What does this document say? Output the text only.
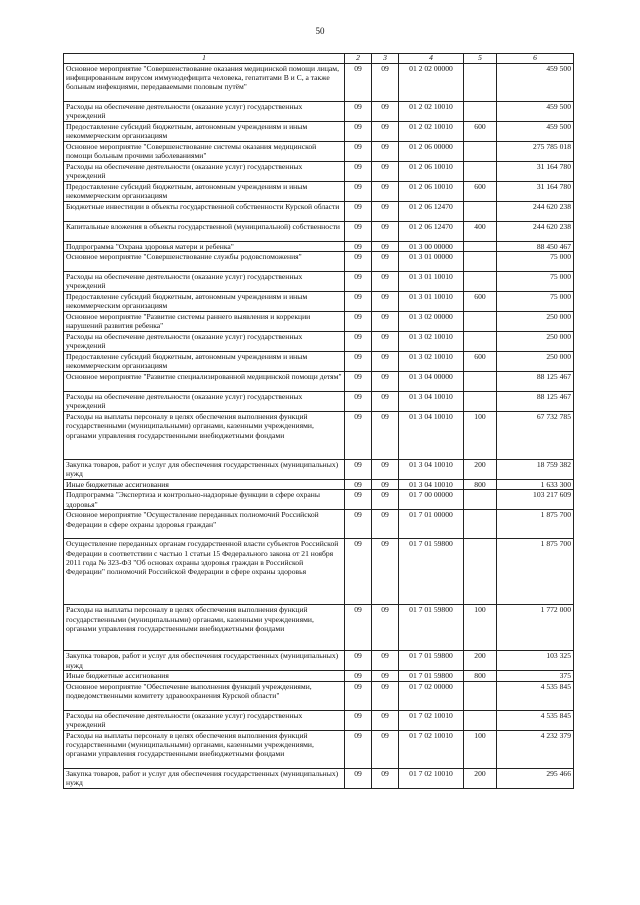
50
1	2	3	4	5	6
Основное мероприятие "Совершенствование оказания медицинской помощи лицам, инфицированным вирусом иммунодефицита человека, гепатитами В и С, а также больным инфекциями, передаваемыми половым путём"	09	09	01 2 02 00000		459 500
Расходы на обеспечение деятельности (оказание услуг) государственных учреждений	09	09	01 2 02 10010		459 500
Предоставление субсидий бюджетным, автономным учреждениям и иным некоммерческим организациям	09	09	01 2 02 10010	600	459 500
Основное мероприятие "Совершенствование системы оказания медицинской помощи больным прочими заболеваниями"	09	09	01 2 06 00000		275 785 018
Расходы на обеспечение деятельности (оказание услуг) государственных учреждений	09	09	01 2 06 10010		31 164 780
Предоставление субсидий бюджетным, автономным учреждениям и иным некоммерческим организациям	09	09	01 2 06 10010	600	31 164 780
Бюджетные инвестиции в объекты государственной собственности Курской области	09	09	01 2 06 12470		244 620 238
Капитальные вложения в объекты государственной (муниципальной) собственности	09	09	01 2 06 12470	400	244 620 238
Подпрограмма "Охрана здоровья матери и ребенка"	09	09	01 3 00 00000		88 450 467
Основное мероприятие "Совершенствование службы родовспоможения"	09	09	01 3 01 00000		75 000
Расходы на обеспечение деятельности (оказание услуг) государственных учреждений	09	09	01 3 01 10010		75 000
Предоставление субсидий бюджетным, автономным учреждениям и иным некоммерческим организациям	09	09	01 3 01 10010	600	75 000
Основное мероприятие "Развитие системы раннего выявления и коррекции нарушений развития ребенка"	09	09	01 3 02 00000		250 000
Расходы на обеспечение деятельности (оказание услуг) государственных учреждений	09	09	01 3 02 10010		250 000
Предоставление субсидий бюджетным, автономным учреждениям и иным некоммерческим организациям	09	09	01 3 02 10010	600	250 000
Основное мероприятие "Развитие специализированной медицинской помощи детям"	09	09	01 3 04 00000		88 125 467
Расходы на обеспечение деятельности (оказание услуг) государственных учреждений	09	09	01 3 04 10010		88 125 467
Расходы на выплаты персоналу в целях обеспечения выполнения функций государственными (муниципальными) органами, казенными учреждениями, органами управления государственными внебюджетными фондами	09	09	01 3 04 10010	100	67 732 785
Закупка товаров, работ и услуг для обеспечения государственных (муниципальных) нужд	09	09	01 3 04 10010	200	18 759 382
Иные бюджетные ассигнования	09	09	01 3 04 10010	800	1 633 300
Подпрограмма "Экспертиза и контрольно-надзорные функции в сфере охраны здоровья"	09	09	01 7 00 00000		103 217 609
Основное мероприятие "Осуществление переданных полномочий Российской Федерации в сфере охраны здоровья граждан"	09	09	01 7 01 00000		1 875 700
Осуществление переданных органам государственной власти субъектов Российской Федерации в соответствии с частью 1 статьи 15 Федерального закона от 21 ноября 2011 года № 323-ФЗ "Об основах охраны здоровья граждан в Российской Федерации" полномочий Российской Федерации в сфере охраны здоровья	09	09	01 7 01 59800		1 875 700
Расходы на выплаты персоналу в целях обеспечения выполнения функций государственными (муниципальными) органами, казенными учреждениями, органами управления государственными внебюджетными фондами	09	09	01 7 01 59800	100	1 772 000
Закупка товаров, работ и услуг для обеспечения государственных (муниципальных) нужд	09	09	01 7 01 59800	200	103 325
Иные бюджетные ассигнования	09	09	01 7 01 59800	800	375
Основное мероприятие "Обеспечение выполнения функций учреждениями, подведомственными комитету здравоохранения Курской области"	09	09	01 7 02 00000		4 535 845
Расходы на обеспечение деятельности (оказание услуг) государственных учреждений	09	09	01 7 02 10010		4 535 845
Расходы на выплаты персоналу в целях обеспечения выполнения функций государственными (муниципальными) органами, казенными учреждениями, органами управления государственными внебюджетными фондами	09	09	01 7 02 10010	100	4 232 379
Закупка товаров, работ и услуг для обеспечения государственных (муниципальных) нужд	09	09	01 7 02 10010	200	295 466
